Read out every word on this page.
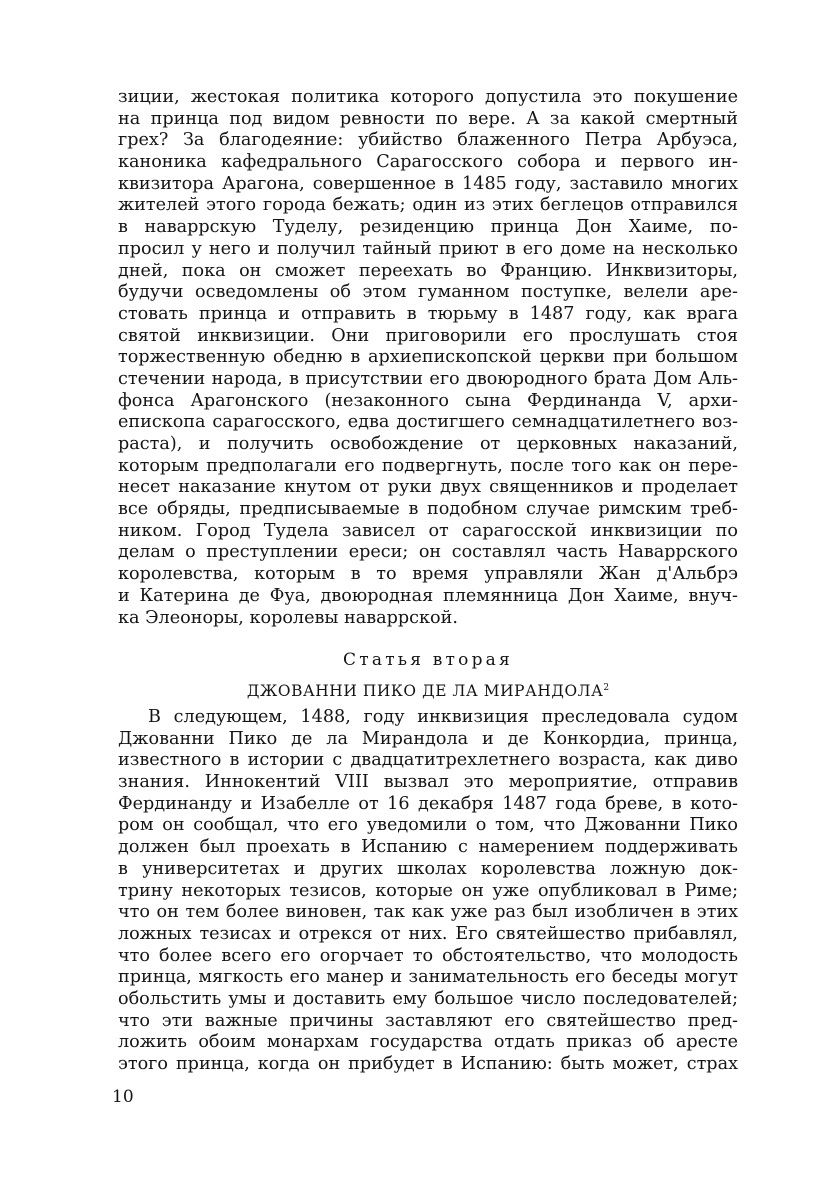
зиции, жестокая политика которого допустила это покушение
на принца под видом ревности по вере. А за какой смертный
грех? За благодеяние: убийство блаженного Петра Арбуэса,
каноника кафедрального Сарагосского собора и первого ин-
квизитора Арагона, совершенное в 1485 году, заставило многих
жителей этого города бежать; один из этих беглецов отправился
в наваррскую Туделу, резиденцию принца Дон Хаиме, по-
просил у него и получил тайный приют в его доме на несколько
дней, пока он сможет переехать во Францию. Инквизиторы,
будучи осведомлены об этом гуманном поступке, велели аре-
стовать принца и отправить в тюрьму в 1487 году, как врага
святой инквизиции. Они приговорили его прослушать стоя
торжественную обедню в архиепископской церкви при большом
стечении народа, в присутствии его двоюродного брата Дом Аль-
фонса Арагонского (незаконного сына Фердинанда V, архи-
епископа сарагосского, едва достигшего семнадцатилетнего воз-
раста), и получить освобождение от церковных наказаний,
которым предполагали его подвергнуть, после того как он пере-
несет наказание кнутом от руки двух священников и проделает
все обряды, предписываемые в подобном случае римским треб-
ником. Город Тудела зависел от сарагосской инквизиции по
делам о преступлении ереси; он составлял часть Наваррского
королевства, которым в то время управляли Жан д'Альбрэ
и Катерина де Фуа, двоюродная племянница Дон Хаиме, внуч-
ка Элеоноры, королевы наваррской.
Статья вторая
ДЖОВАННИ ПИКО ДЕ ЛА МИРАНДОЛА$^2$
В следующем, 1488, году инквизиция преследовала судом
Джованни Пико де ла Мирандола и де Конкордиа, принца,
известного в истории с двадцатитрехлетнего возраста, как диво
знания. Иннокентий VIII вызвал это мероприятие, отправив
Фердинанду и Изабелле от 16 декабря 1487 года бреве, в кото-
ром он сообщал, что его уведомили о том, что Джованни Пико
должен был проехать в Испанию с намерением поддерживать
в университетах и других школах королевства ложную док-
трину некоторых тезисов, которые он уже опубликовал в Риме;
что он тем более виновен, так как уже раз был изобличен в этих
ложных тезисах и отрекся от них. Его святейшество прибавлял,
что более всего его огорчает то обстоятельство, что молодость
принца, мягкость его манер и занимательность его беседы могут
обольстить умы и доставить ему большое число последователей;
что эти важные причины заставляют его святейшество пред-
ложить обоим монархам государства отдать приказ об аресте
этого принца, когда он прибудет в Испанию: быть может, страх
10
